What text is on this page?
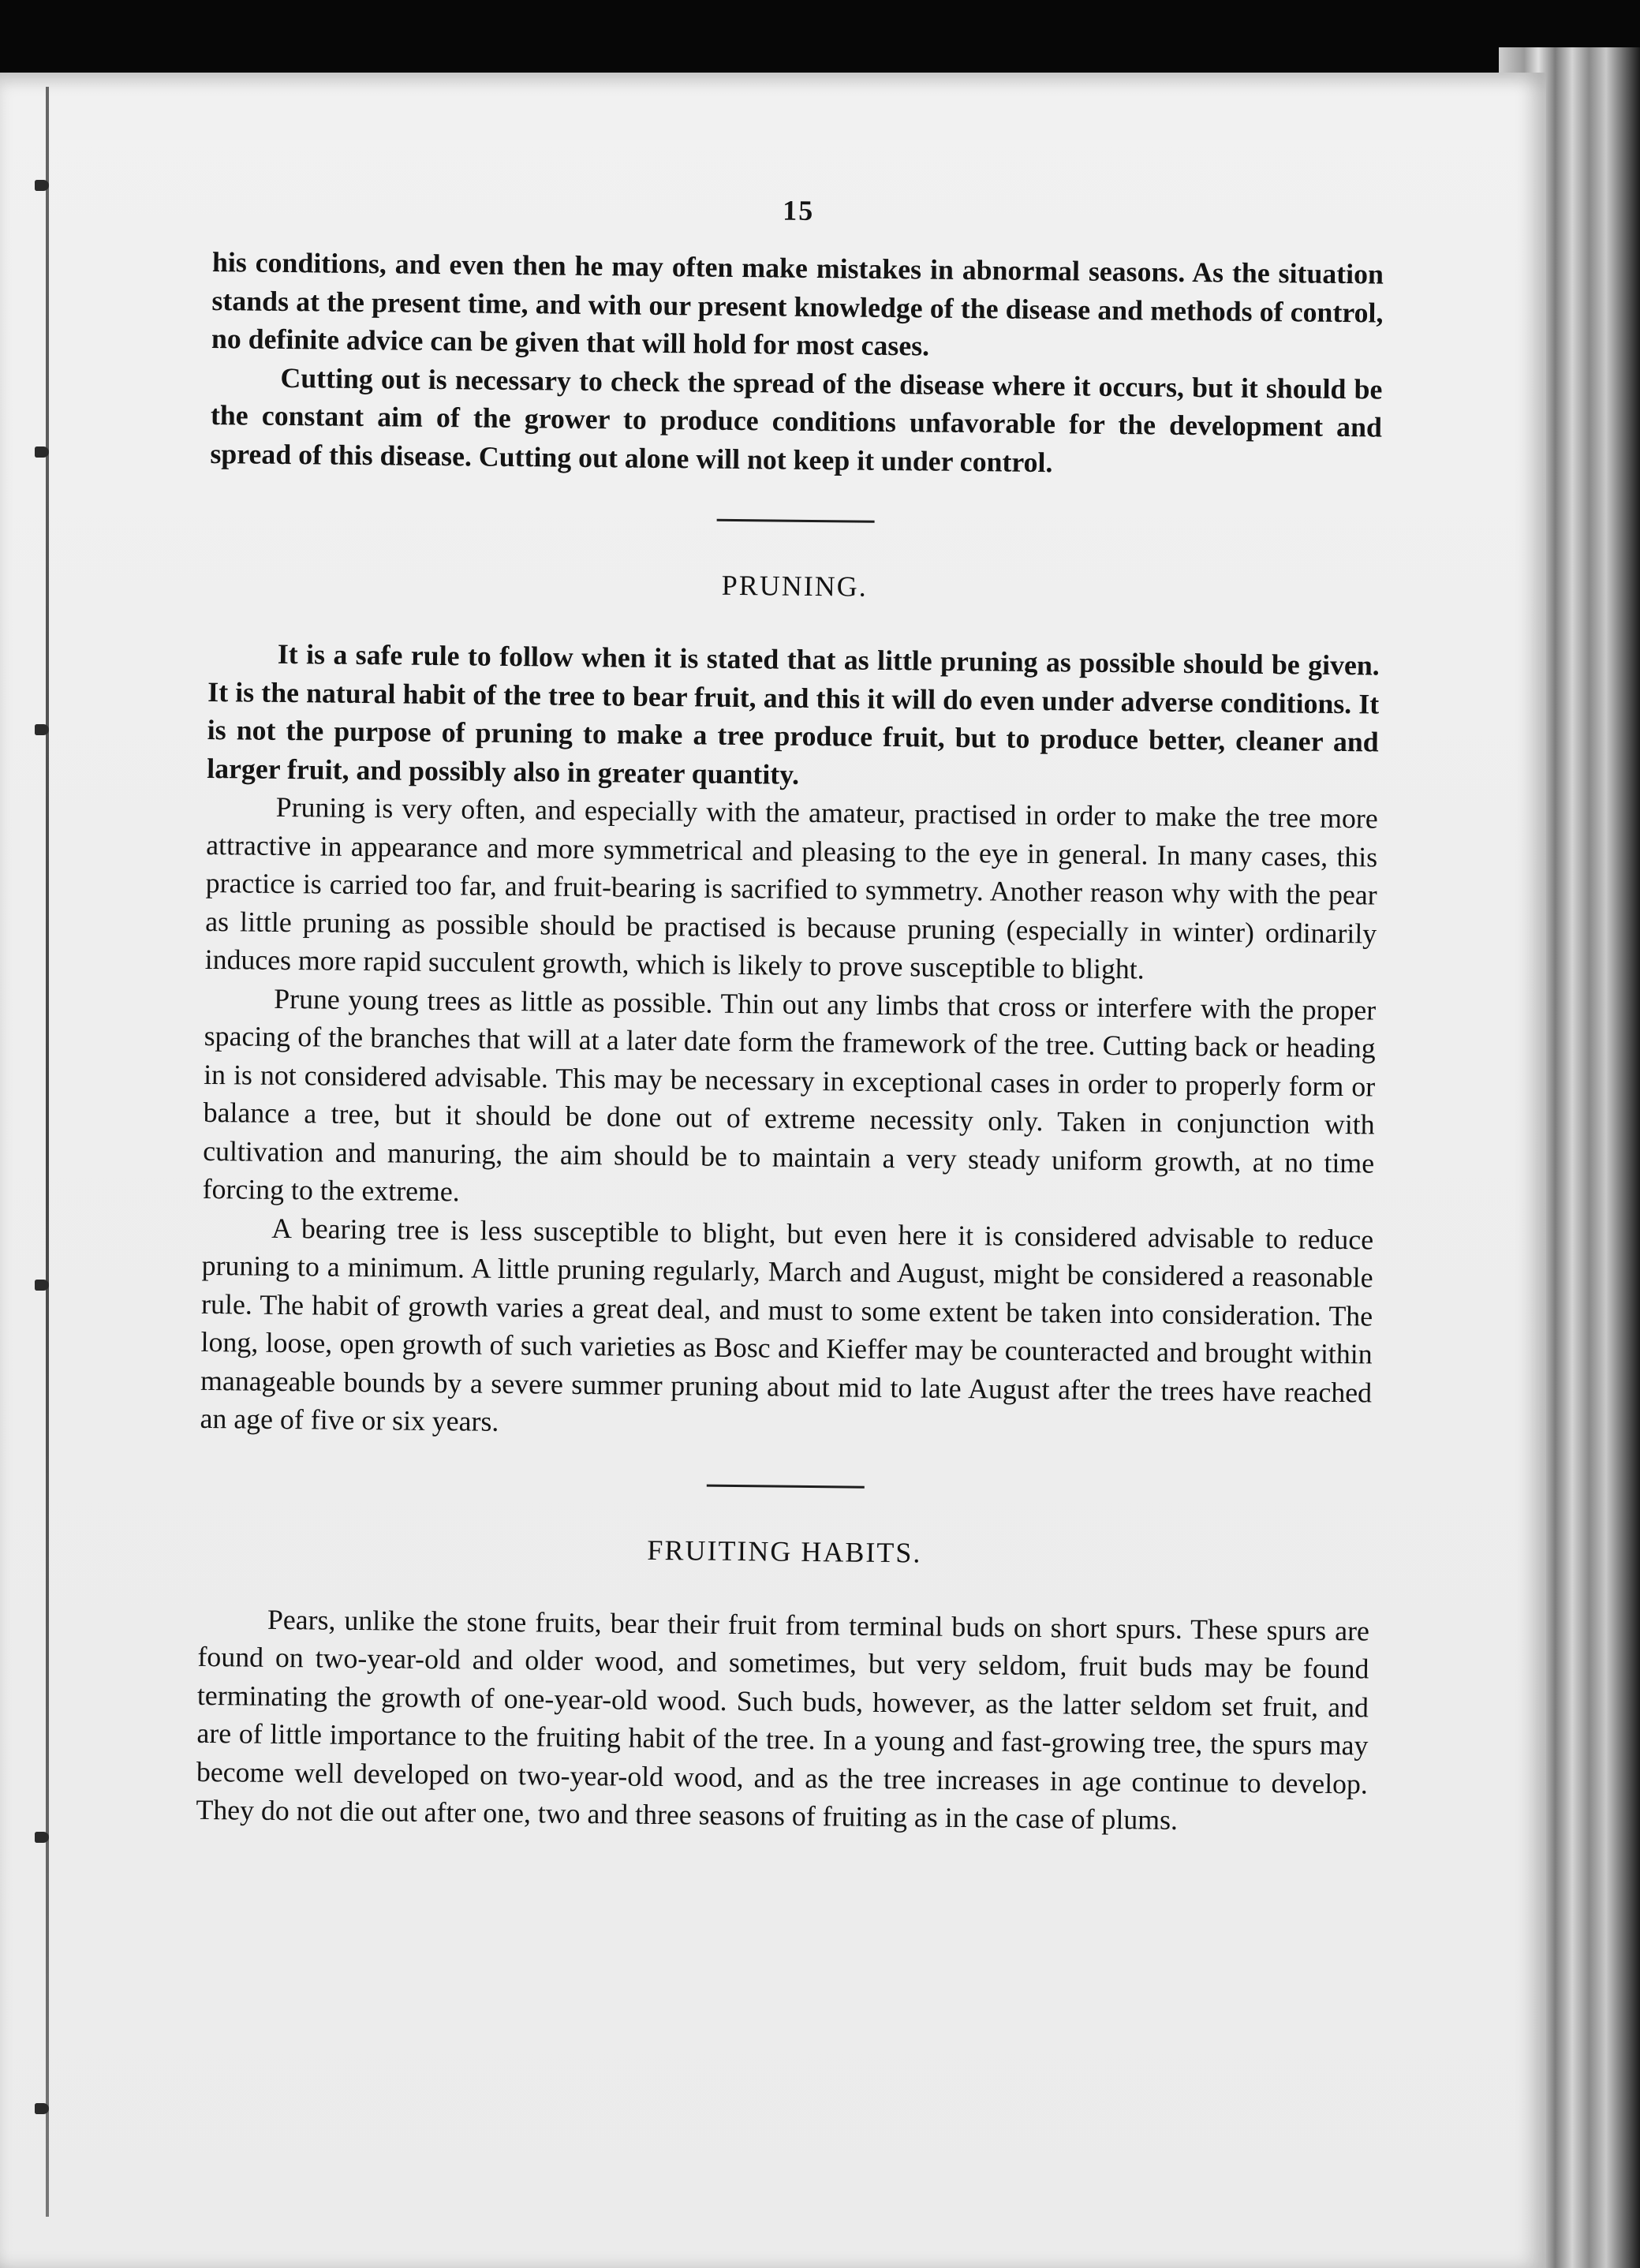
15

his conditions, and even then he may often make mistakes in abnormal seasons. As the situation stands at the present time, and with our present knowledge of the disease and methods of control, no definite advice can be given that will hold for most cases.

Cutting out is necessary to check the spread of the disease where it occurs, but it should be the constant aim of the grower to produce conditions unfavorable for the development and spread of this disease. Cutting out alone will not keep it under control.

PRUNING.

It is a safe rule to follow when it is stated that as little pruning as possible should be given. It is the natural habit of the tree to bear fruit, and this it will do even under adverse conditions. It is not the purpose of pruning to make a tree produce fruit, but to produce better, cleaner and larger fruit, and possibly also in greater quantity.

Pruning is very often, and especially with the amateur, practised in order to make the tree more attractive in appearance and more symmetrical and pleasing to the eye in general. In many cases, this practice is carried too far, and fruit-bearing is sacrified to symmetry. Another reason why with the pear as little pruning as possible should be practised is because pruning (especially in winter) ordinarily induces more rapid succulent growth, which is likely to prove susceptible to blight.

Prune young trees as little as possible. Thin out any limbs that cross or interfere with the proper spacing of the branches that will at a later date form the framework of the tree. Cutting back or heading in is not considered advisable. This may be necessary in exceptional cases in order to properly form or balance a tree, but it should be done out of extreme necessity only. Taken in conjunction with cultivation and manuring, the aim should be to maintain a very steady uniform growth, at no time forcing to the extreme.

A bearing tree is less susceptible to blight, but even here it is considered advisable to reduce pruning to a minimum. A little pruning regularly, March and August, might be considered a reasonable rule. The habit of growth varies a great deal, and must to some extent be taken into consideration. The long, loose, open growth of such varieties as Bosc and Kieffer may be counteracted and brought within manageable bounds by a severe summer pruning about mid to late August after the trees have reached an age of five or six years.

FRUITING HABITS.

Pears, unlike the stone fruits, bear their fruit from terminal buds on short spurs. These spurs are found on two-year-old and older wood, and sometimes, but very seldom, fruit buds may be found terminating the growth of one-year-old wood. Such buds, however, as the latter seldom set fruit, and are of little importance to the fruiting habit of the tree. In a young and fast-growing tree, the spurs may become well developed on two-year-old wood, and as the tree increases in age continue to develop. They do not die out after one, two and three seasons of fruiting as in the case of plums.
